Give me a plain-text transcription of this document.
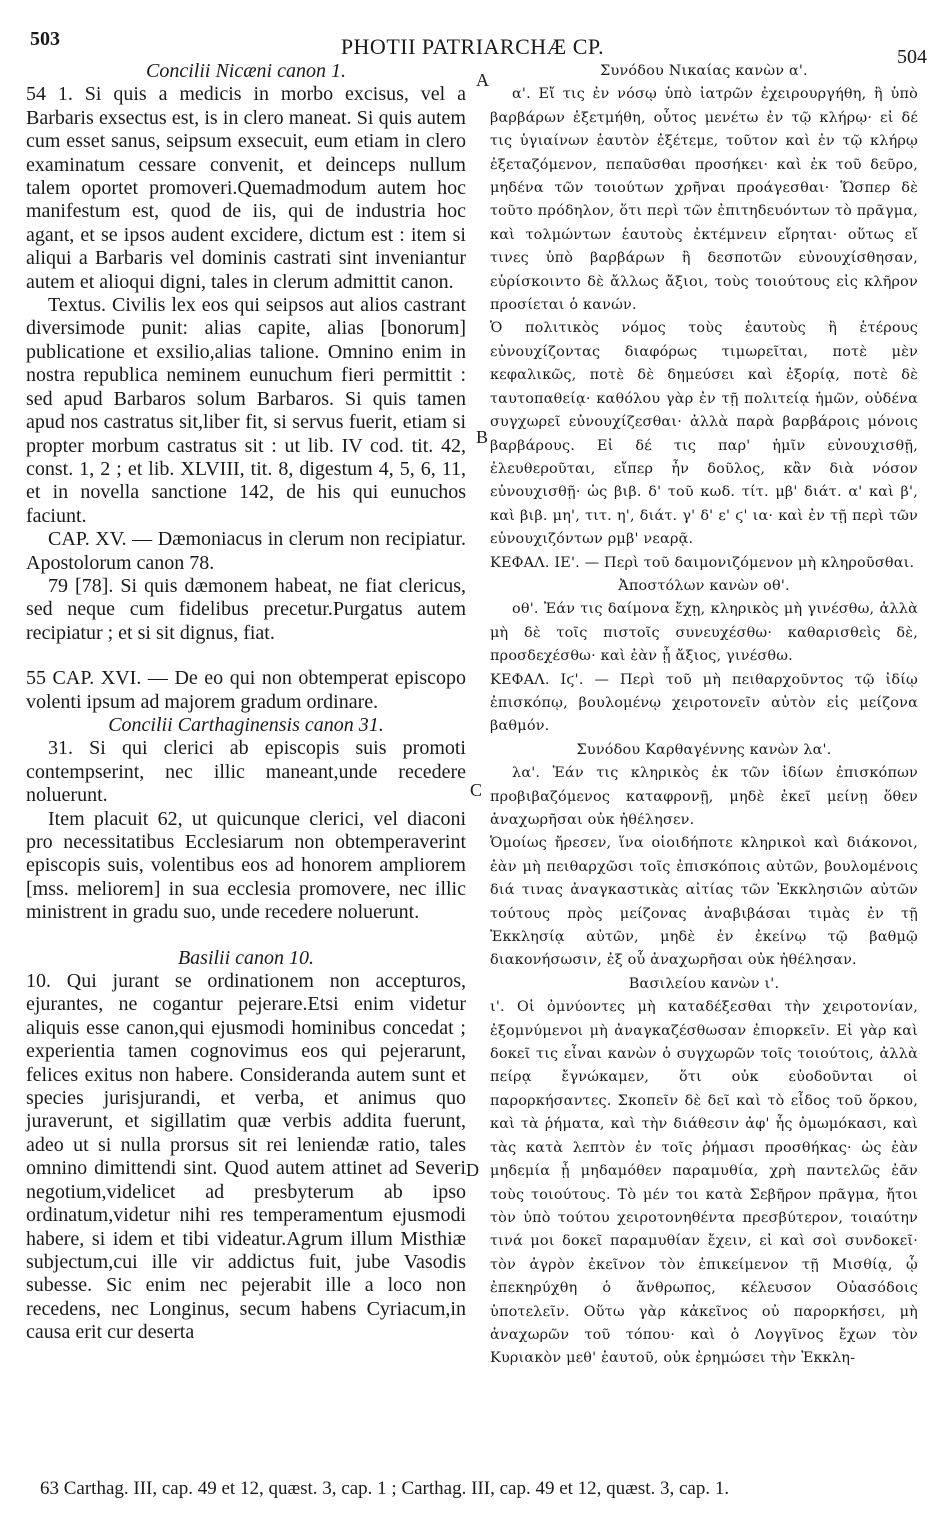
503	PHOTII PATRIARCHÆ CP.	504
A
B
C
D

Concilii Nicæni canon 1.

54 1. Si quis a medicis in morbo excisus, vel a Barbaris exsectus est, is in clero maneat. Si quis autem cum esset sanus, seipsum exsecuit, eum etiam in clero examinatum cessare convenit, et deinceps nullum talem oportet promoveri.Quemadmodum autem hoc manifestum est, quod de iis, qui de industria hoc agant, et se ipsos audent excidere, dictum est : item si aliqui a Barbaris vel dominis castrati sint inveniantur autem et alioqui digni, tales in clerum admittit canon.

Textus. Civilis lex eos qui seipsos aut alios castrant diversimode punit: alias capite, alias [bonorum] publicatione et exsilio,alias talione. Omnino enim in nostra republica neminem eunuchum fieri permittit : sed apud Barbaros solum Barbaros. Si quis tamen apud nos castratus sit,liber fit, si servus fuerit, etiam si propter morbum castratus sit : ut lib. IV cod. tit. 42, const. 1, 2 ; et lib. XLVIII, tit. 8, digestum 4, 5, 6, 11, et in novella sanctione 142, de his qui eunuchos faciunt.

CAP. XV. — Dæmoniacus in clerum non recipiatur. Apostolorum canon 78.

79 [78]. Si quis dæmonem habeat, ne fiat clericus, sed neque cum fidelibus precetur.Purgatus autem recipiatur ; et si sit dignus, fiat.

55 CAP. XVI. — De eo qui non obtemperat episcopo volenti ipsum ad majorem gradum ordinare.

Concilii Carthaginensis canon 31.

31. Si qui clerici ab episcopis suis promoti contempserint, nec illic maneant,unde recedere noluerunt.

Item placuit 62, ut quicunque clerici, vel diaconi pro necessitatibus Ecclesiarum non obtemperaverint episcopis suis, volentibus eos ad honorem ampliorem [mss. meliorem] in sua ecclesia promovere, nec illic ministrent in gradu suo, unde recedere noluerunt.

Basilii canon 10.

10. Qui jurant se ordinationem non accepturos, ejurantes, ne cogantur pejerare.Etsi enim videtur aliquis esse canon,qui ejusmodi hominibus concedat ; experientia tamen cognovimus eos qui pejerarunt, felices exitus non habere. Consideranda autem sunt et species jurisjurandi, et verba, et animus quo juraverunt, et sigillatim quæ verbis addita fuerunt, adeo ut si nulla prorsus sit rei leniendæ ratio, tales omnino dimittendi sint. Quod autem attinet ad Severi negotium,videlicet ad presbyterum ab ipso ordinatum,videtur nihi res temperamentum ejusmodi habere, si idem et tibi videatur.Agrum illum Misthiæ subjectum,cui ille vir addictus fuit, jube Vasodis subesse. Sic enim nec pejerabit ille a loco non recedens, nec Longinus, secum habens Cyriacum,in causa erit cur deserta

Συνόδου Νικαίας κανὼν α'.

α'. Εἴ τις ἐν νόσῳ ὑπὸ ἰατρῶν ἐχειρουργήθη, ἢ ὑπὸ βαρβάρων ἐξετμήθη, οὗτος μενέτω ἐν τῷ κλήρῳ· εἰ δέ τις ὑγιαίνων ἑαυτὸν ἐξέτεμε, τοῦτον καὶ ἐν τῷ κλήρῳ ἐξεταζόμενον, πεπαῦσθαι προσήκει· καὶ ἐκ τοῦ δεῦρο, μηδένα τῶν τοιούτων χρῆναι προάγεσθαι· Ὥσπερ δὲ τοῦτο πρόδηλον, ὅτι περὶ τῶν ἐπιτηδευόντων τὸ πρᾶγμα, καὶ τολμώντων ἑαυτοὺς ἐκτέμνειν εἴρηται· οὕτως εἴ τινες ὑπὸ βαρβάρων ἢ δεσποτῶν εὐνουχίσθησαν, εὑρίσκοιντο δὲ ἄλλως ἄξιοι, τοὺς τοιούτους εἰς κλῆρον προσίεται ὁ κανών.

Ὁ πολιτικὸς νόμος τοὺς ἑαυτοὺς ἢ ἑτέρους εὐνουχίζοντας διαφόρως τιμωρεῖται, ποτὲ μὲν κεφαλικῶς, ποτὲ δὲ δημεύσει καὶ ἐξορίᾳ, ποτὲ δὲ ταυτοπαθείᾳ· καθόλου γὰρ ἐν τῇ πολιτείᾳ ἡμῶν, οὐδένα συγχωρεῖ εὐνουχίζεσθαι· ἀλλὰ παρὰ βαρβάροις μόνοις βαρβάρους. Εἰ δέ τις παρ' ἡμῖν εὐνουχισθῇ, ἐλευθεροῦται, εἴπερ ἦν δοῦλος, κἂν διὰ νόσον εὐνουχισθῇ· ὡς βιβ. δ' τοῦ κωδ. τίτ. μβ' διάτ. α' καὶ β', καὶ βιβ. μη', τιτ. η', διάτ. γ' δ' ε' ϛ' ια· καὶ ἐν τῇ περὶ τῶν εὐνουχιζόντων ρμβ' νεαρᾷ.

ΚΕΦΑΛ. ΙΕ'. — Περὶ τοῦ δαιμονιζόμενον μὴ κληροῦσθαι.

Ἀποστόλων κανὼν οθ'.

οθ'. Ἐάν τις δαίμονα ἔχῃ, κληρικὸς μὴ γινέσθω, ἀλλὰ μὴ δὲ τοῖς πιστοῖς συνευχέσθω· καθαρισθεὶς δὲ, προσδεχέσθω· καὶ ἐὰν ᾖ ἄξιος, γινέσθω.

ΚΕΦΑΛ. Ιϛ'. — Περὶ τοῦ μὴ πειθαρχοῦντος τῷ ἰδίῳ ἐπισκόπῳ, βουλομένῳ χειροτονεῖν αὐτὸν εἰς μείζονα βαθμόν.

Συνόδου Καρθαγέννης κανὼν λα'.

λα'. Ἐάν τις κληρικὸς ἐκ τῶν ἰδίων ἐπισκόπων προβιβαζόμενος καταφρονῇ, μηδὲ ἐκεῖ μείνῃ ὅθεν ἀναχωρῆσαι οὐκ ἠθέλησεν.

Ὁμοίως ἤρεσεν, ἵνα οἱοιδήποτε κληρικοὶ καὶ διάκονοι, ἐὰν μὴ πειθαρχῶσι τοῖς ἐπισκόποις αὐτῶν, βουλομένοις διά τινας ἀναγκαστικὰς αἰτίας τῶν Ἐκκλησιῶν αὐτῶν τούτους πρὸς μείζονας ἀναβιβάσαι τιμὰς ἐν τῇ Ἐκκλησίᾳ αὐτῶν, μηδὲ ἐν ἐκείνῳ τῷ βαθμῷ διακονήσωσιν, ἐξ οὗ ἀναχωρῆσαι οὐκ ἠθέλησαν.

Βασιλείου κανὼν ι'.

ι'. Οἱ ὀμνύοντες μὴ καταδέξεσθαι τὴν χειροτονίαν, ἐξομνύμενοι μὴ ἀναγκαζέσθωσαν ἐπιορκεῖν. Εἰ γὰρ καὶ δοκεῖ τις εἶναι κανὼν ὁ συγχωρῶν τοῖς τοιούτοις, ἀλλὰ πείρᾳ ἔγνώκαμεν, ὅτι οὐκ εὐοδοῦνται οἱ παρορκήσαντες. Σκοπεῖν δὲ δεῖ καὶ τὸ εἶδος τοῦ ὅρκου, καὶ τὰ ῥήματα, καὶ τὴν διάθεσιν ἀφ' ἧς ὀμωμόκασι, καὶ τὰς κατὰ λεπτὸν ἐν τοῖς ῥήμασι προσθήκας· ὡς ἐὰν μηδεμία ᾖ μηδαμόθεν παραμυθία, χρὴ παντελῶς ἐᾶν τοὺς τοιούτους. Τὸ μέν τοι κατὰ Σεβῆρον πρᾶγμα, ἤτοι τὸν ὑπὸ τούτου χειροτονηθέντα πρεσβύτερον, τοιαύτην τινά μοι δοκεῖ παραμυθίαν ἔχειν, εἰ καὶ σοὶ συνδοκεῖ· τὸν ἀγρὸν ἐκεῖνον τὸν ἐπικείμενον τῇ Μισθίᾳ, ᾧ ἐπεκηρύχθη ὁ ἄνθρωπος, κέλευσον Οὐασόδοις ὑποτελεῖν. Οὕτω γὰρ κἀκεῖνος οὐ παρορκήσει, μὴ ἀναχωρῶν τοῦ τόπου· καὶ ὁ Λογγῖνος ἔχων τὸν Κυριακὸν μεθ' ἑαυτοῦ, οὐκ ἐρημώσει τὴν Ἐκκλη-

63 Carthag. III, cap. 49 et 12, quæst. 3, cap. 1 ; Carthag. III, cap. 49 et 12, quæst. 3, cap. 1.
